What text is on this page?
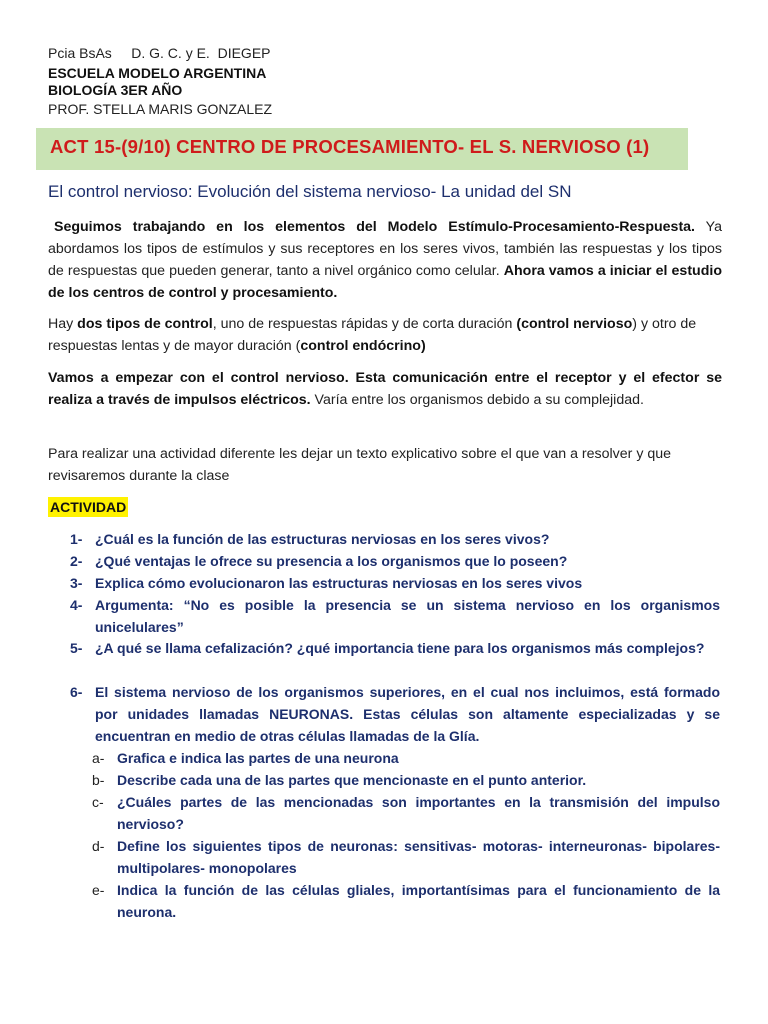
Pcia BsAs     D. G. C. y E.  DIEGEP
ESCUELA MODELO ARGENTINA
BIOLOGÍA 3ER AÑO
PROF. STELLA MARIS GONZALEZ
ACT 15-(9/10) CENTRO DE PROCESAMIENTO- EL S. NERVIOSO (1)
El control nervioso: Evolución del sistema nervioso- La unidad del SN
Seguimos trabajando en los elementos del Modelo Estímulo-Procesamiento-Respuesta. Ya abordamos los tipos de estímulos y sus receptores en los seres vivos, también las respuestas y los tipos de respuestas que pueden generar, tanto a nivel orgánico como celular. Ahora vamos a iniciar el estudio de los centros de control y procesamiento.
Hay dos tipos de control, uno de respuestas rápidas y de corta duración (control nervioso) y otro de respuestas lentas y de mayor duración (control endócrino)
Vamos a empezar con el control nervioso. Esta comunicación entre el receptor y el efector se realiza a través de impulsos eléctricos. Varía entre los organismos debido a su complejidad.
Para realizar una actividad diferente les dejar un texto explicativo sobre el que van a resolver y que revisaremos durante la clase
ACTIVIDAD
1- ¿Cuál es la función de las estructuras nerviosas en los seres vivos?
2- ¿Qué ventajas le ofrece su presencia a los organismos que lo poseen?
3- Explica cómo evolucionaron las estructuras nerviosas en los seres vivos
4- Argumenta: “No es posible la presencia se un sistema nervioso en los organismos unicelulares”
5- ¿A qué se llama cefalización? ¿qué importancia tiene para los organismos más complejos?
6- El sistema nervioso de los organismos superiores, en el cual nos incluimos, está formado por unidades llamadas NEURONAS. Estas células son altamente especializadas y se encuentran en medio de otras células llamadas de la Glía.
a- Grafica e indica las partes de una neurona
b- Describe cada una de las partes que mencionaste en el punto anterior.
c- ¿Cuáles partes de las mencionadas son importantes en la transmisión del impulso nervioso?
d- Define los siguientes tipos de neuronas: sensitivas- motoras- interneuronas- bipolares- multipolares- monopolares
e- Indica la función de las células gliales, importantísimas para el funcionamiento de la neurona.
